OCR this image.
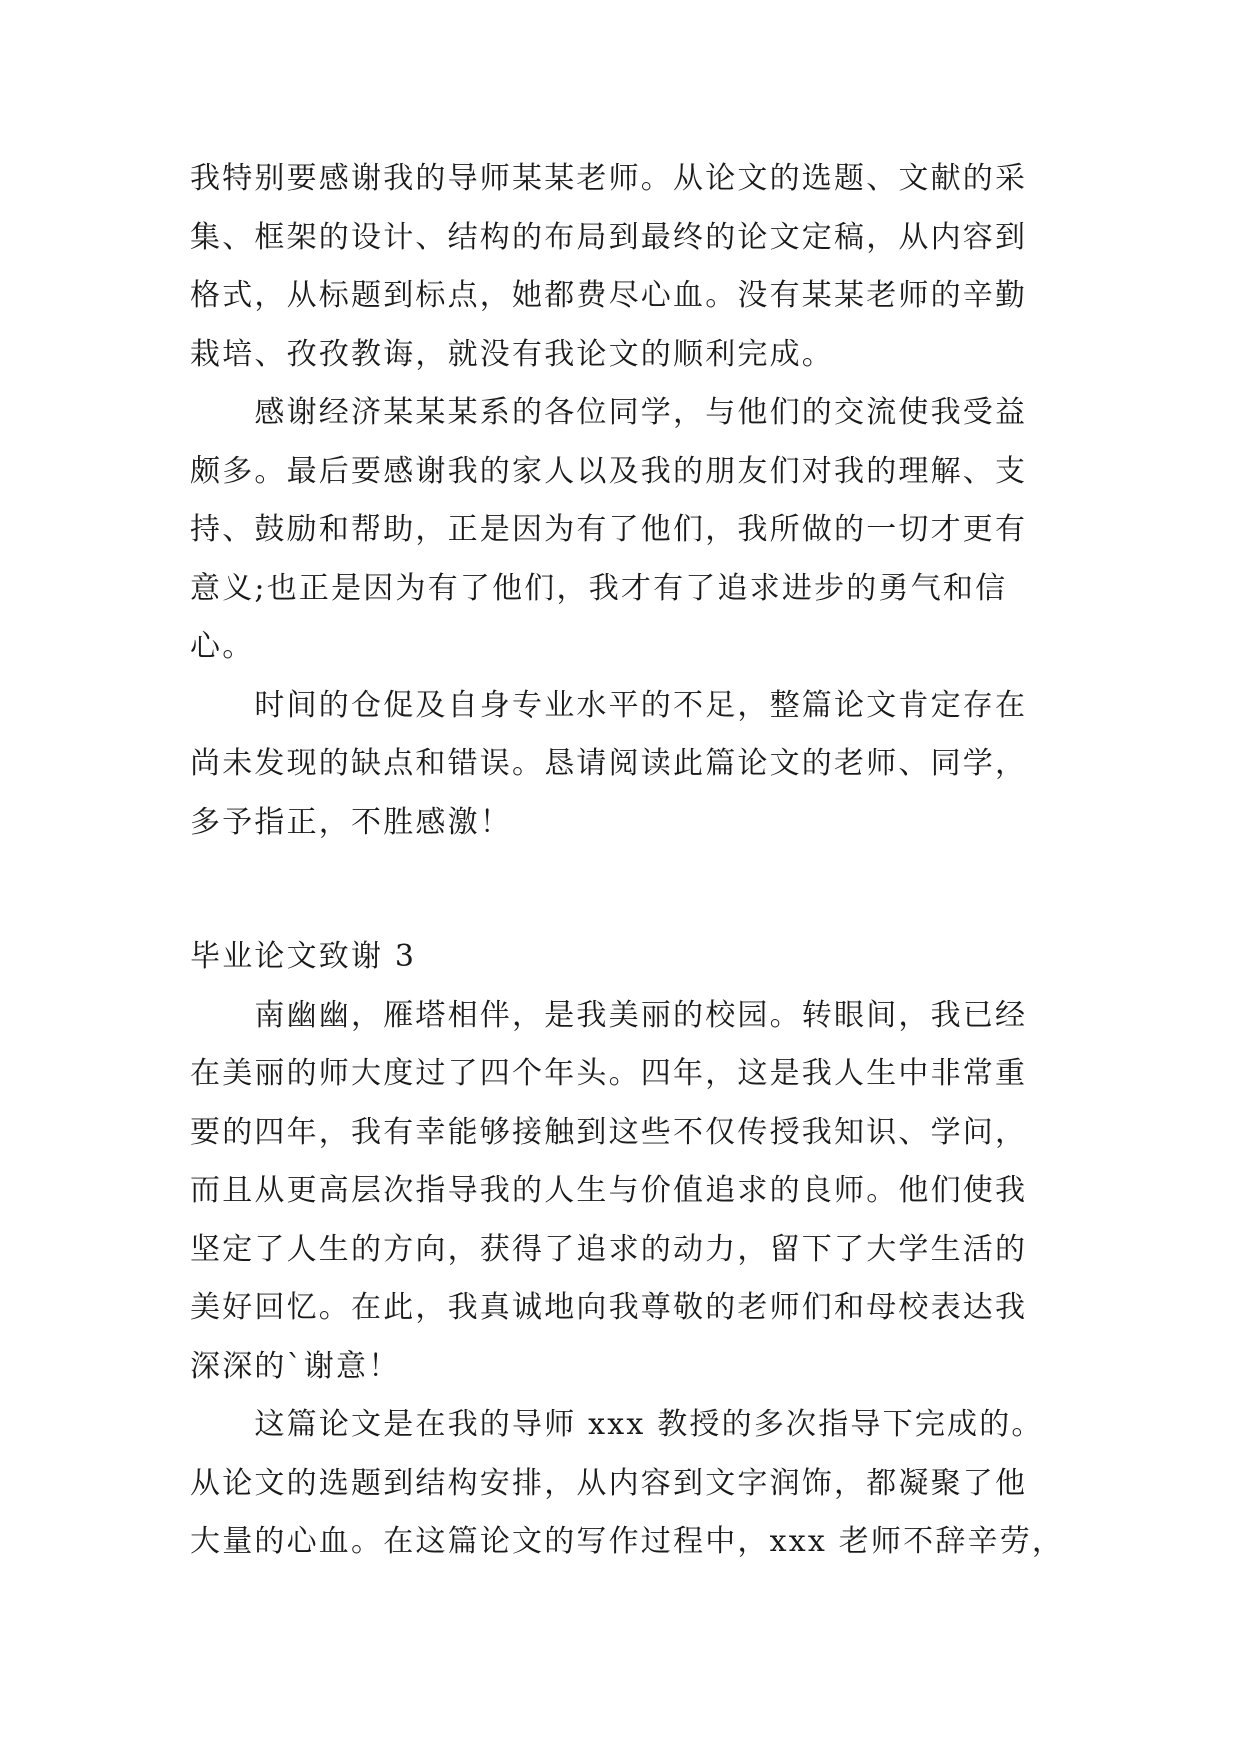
我特别要感谢我的导师某某老师。从论文的选题、文献的采
集、框架的设计、结构的布局到最终的论文定稿，从内容到
格式，从标题到标点，她都费尽心血。没有某某老师的辛勤
栽培、孜孜教诲，就没有我论文的顺利完成。
　　感谢经济某某某系的各位同学，与他们的交流使我受益
颇多。最后要感谢我的家人以及我的朋友们对我的理解、支
持、鼓励和帮助，正是因为有了他们，我所做的一切才更有
意义;也正是因为有了他们，我才有了追求进步的勇气和信
心。
　　时间的仓促及自身专业水平的不足，整篇论文肯定存在
尚未发现的缺点和错误。恳请阅读此篇论文的老师、同学，
多予指正，不胜感激！
毕业论文致谢 3
　　南幽幽，雁塔相伴，是我美丽的校园。转眼间，我已经
在美丽的师大度过了四个年头。四年，这是我人生中非常重
要的四年，我有幸能够接触到这些不仅传授我知识、学问，
而且从更高层次指导我的人生与价值追求的良师。他们使我
坚定了人生的方向，获得了追求的动力，留下了大学生活的
美好回忆。在此，我真诚地向我尊敬的老师们和母校表达我
深深的`谢意！
　　这篇论文是在我的导师 xxx 教授的多次指导下完成的。
从论文的选题到结构安排，从内容到文字润饰，都凝聚了他
大量的心血。在这篇论文的写作过程中，xxx 老师不辞辛劳，
